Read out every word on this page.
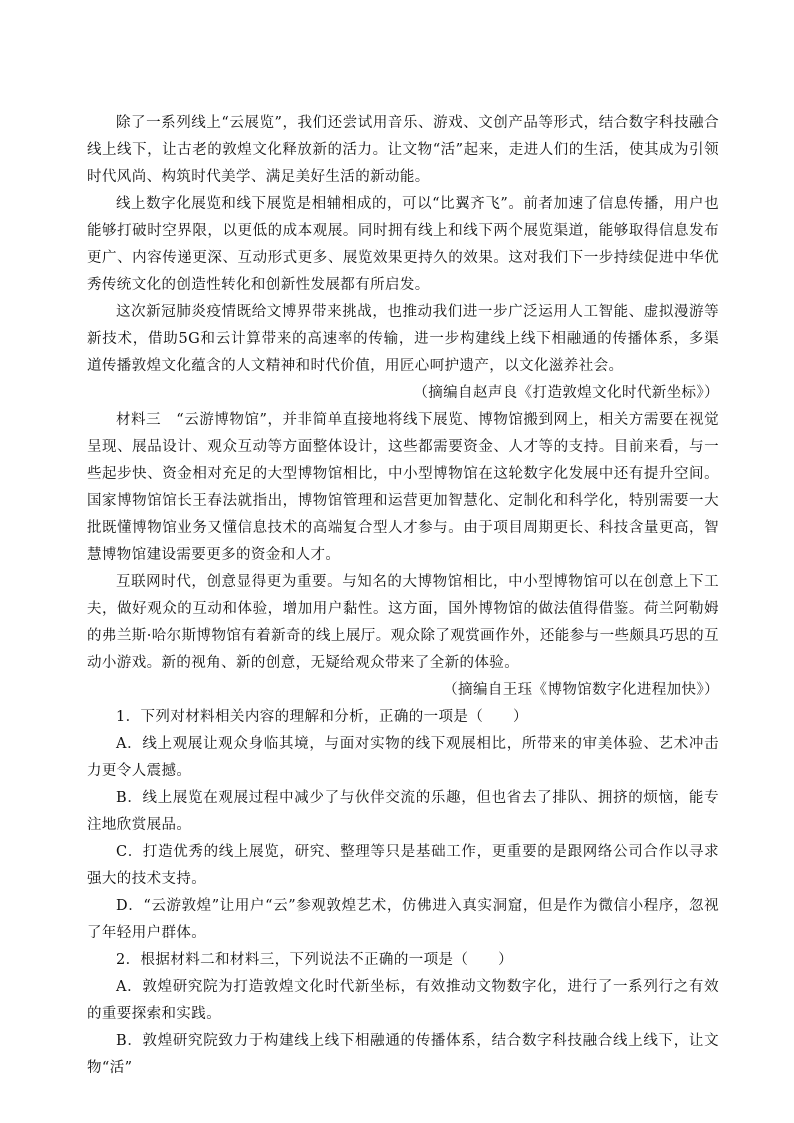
除了一系列线上“云展览”，我们还尝试用音乐、游戏、文创产品等形式，结合数字科技融合线上线下，让古老的敦煌文化释放新的活力。让文物“活”起来，走进人们的生活，使其成为引领时代风尚、构筑时代美学、满足美好生活的新动能。

线上数字化展览和线下展览是相辅相成的，可以“比翼齐飞”。前者加速了信息传播，用户也能够打破时空界限，以更低的成本观展。同时拥有线上和线下两个展览渠道，能够取得信息发布更广、内容传递更深、互动形式更多、展览效果更持久的效果。这对我们下一步持续促进中华优秀传统文化的创造性转化和创新性发展都有所启发。

这次新冠肺炎疫情既给文博界带来挑战，也推动我们进一步广泛运用人工智能、虚拟漫游等新技术，借助5G和云计算带来的高速率的传输，进一步构建线上线下相融通的传播体系，多渠道传播敦煌文化蕴含的人文精神和时代价值，用匠心呵护遗产，以文化滋养社会。

（摘编自赵声良《打造敦煌文化时代新坐标》）

材料三　“云游博物馆”，并非简单直接地将线下展览、博物馆搬到网上，相关方需要在视觉呈现、展品设计、观众互动等方面整体设计，这些都需要资金、人才等的支持。目前来看，与一些起步快、资金相对充足的大型博物馆相比，中小型博物馆在这轮数字化发展中还有提升空间。国家博物馆馆长王春法就指出，博物馆管理和运营更加智慧化、定制化和科学化，特别需要一大批既懂博物馆业务又懂信息技术的高端复合型人才参与。由于项目周期更长、科技含量更高，智慧博物馆建设需要更多的资金和人才。

互联网时代，创意显得更为重要。与知名的大博物馆相比，中小型博物馆可以在创意上下工夫，做好观众的互动和体验，增加用户黏性。这方面，国外博物馆的做法值得借鉴。荷兰阿勒姆的弗兰斯·哈尔斯博物馆有着新奇的线上展厅。观众除了观赏画作外，还能参与一些颇具巧思的互动小游戏。新的视角、新的创意，无疑给观众带来了全新的体验。

（摘编自王珏《博物馆数字化进程加快》）

1．下列对材料相关内容的理解和分析，正确的一项是（　　）

A．线上观展让观众身临其境，与面对实物的线下观展相比，所带来的审美体验、艺术冲击力更令人震撼。

B．线上展览在观展过程中减少了与伙伴交流的乐趣，但也省去了排队、拥挤的烦恼，能专注地欣赏展品。

C．打造优秀的线上展览，研究、整理等只是基础工作，更重要的是跟网络公司合作以寻求强大的技术支持。

D．“云游敦煌”让用户“云”参观敦煌艺术，仿佛进入真实洞窟，但是作为微信小程序，忽视了年轻用户群体。

2．根据材料二和材料三，下列说法不正确的一项是（　　）

A．敦煌研究院为打造敦煌文化时代新坐标，有效推动文物数字化，进行了一系列行之有效的重要探索和实践。

B．敦煌研究院致力于构建线上线下相融通的传播体系，结合数字科技融合线上线下，让文物“活”
